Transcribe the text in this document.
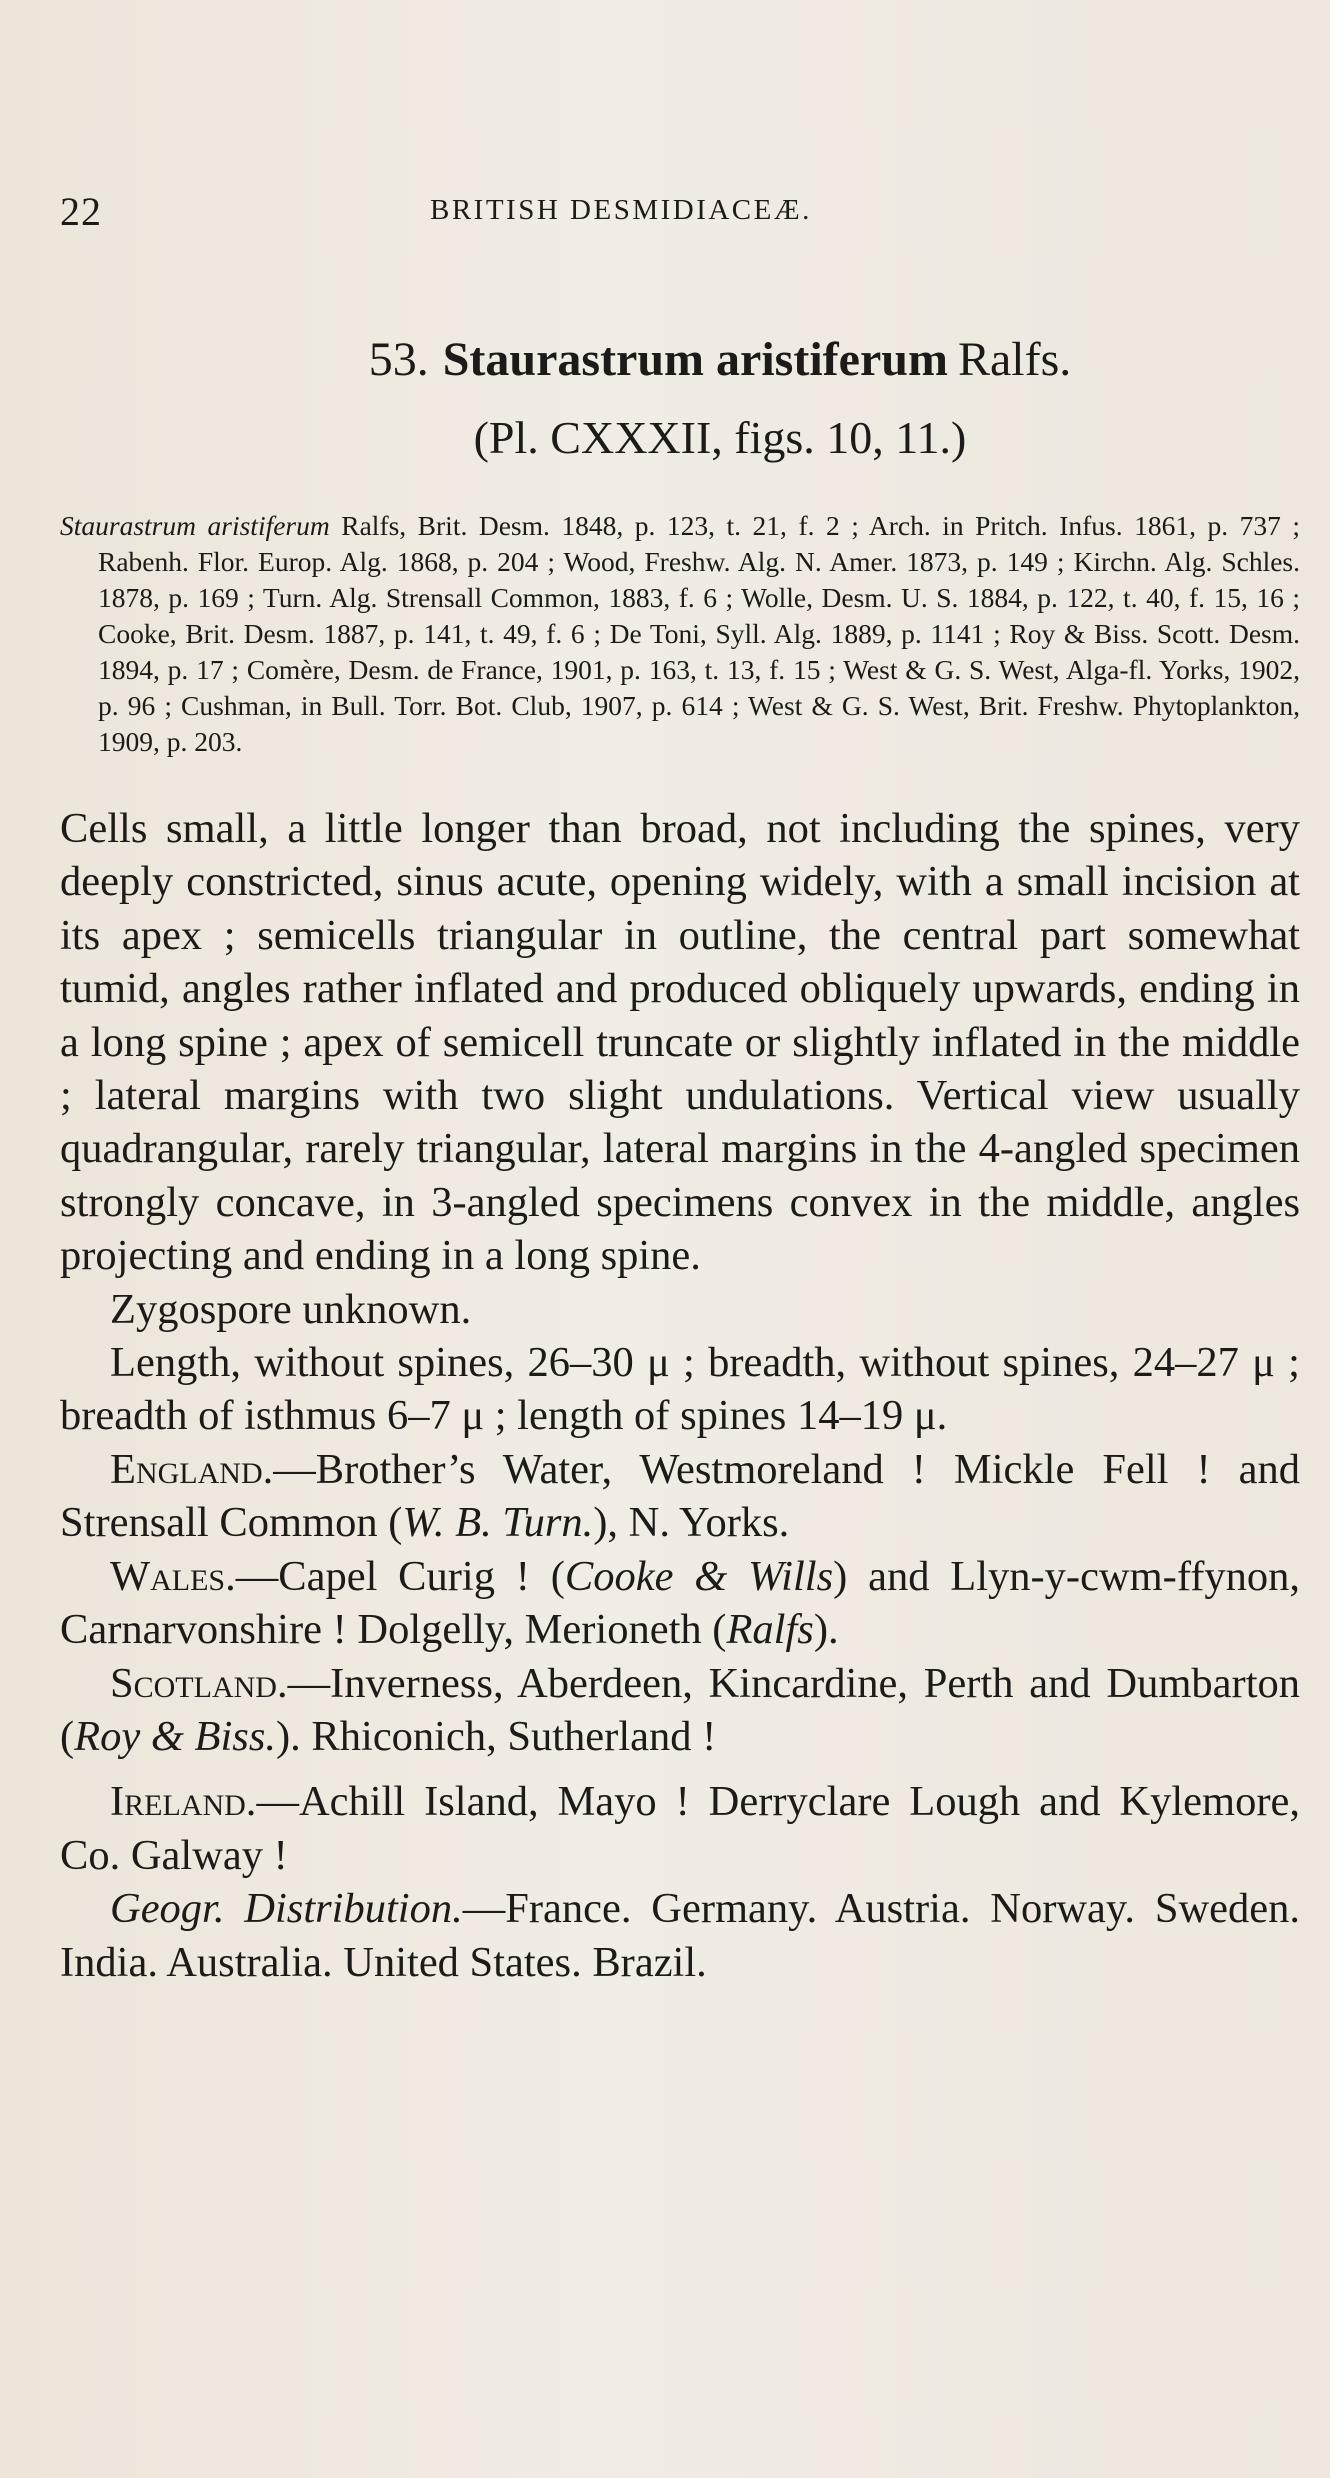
22	BRITISH DESMIDIACEÆ.
53. Staurastrum aristiferum Ralfs.
(Pl. CXXXII, figs. 10, 11.)

Staurastrum aristiferum Ralfs, Brit. Desm. 1848, p. 123, t. 21, f. 2 ; Arch. in Pritch. Infus. 1861, p. 737 ; Rabenh. Flor. Europ. Alg. 1868, p. 204 ; Wood, Freshw. Alg. N. Amer. 1873, p. 149 ; Kirchn. Alg. Schles. 1878, p. 169 ; Turn. Alg. Strensall Common, 1883, f. 6 ; Wolle, Desm. U. S. 1884, p. 122, t. 40, f. 15, 16 ; Cooke, Brit. Desm. 1887, p. 141, t. 49, f. 6 ; De Toni, Syll. Alg. 1889, p. 1141 ; Roy & Biss. Scott. Desm. 1894, p. 17 ; Comère, Desm. de France, 1901, p. 163, t. 13, f. 15 ; West & G. S. West, Alga-fl. Yorks, 1902, p. 96 ; Cushman, in Bull. Torr. Bot. Club, 1907, p. 614 ; West & G. S. West, Brit. Freshw. Phytoplankton, 1909, p. 203.

Cells small, a little longer than broad, not including the spines, very deeply constricted, sinus acute, opening widely, with a small incision at its apex ; semicells triangular in outline, the central part somewhat tumid, angles rather inflated and produced obliquely upwards, ending in a long spine ; apex of semicell truncate or slightly inflated in the middle ; lateral margins with two slight undulations. Vertical view usually quadrangular, rarely triangular, lateral margins in the 4-angled specimen strongly concave, in 3-angled specimens convex in the middle, angles projecting and ending in a long spine.

Zygospore unknown.

Length, without spines, 26–30 μ ; breadth, without spines, 24–27 μ ; breadth of isthmus 6–7 μ ; length of spines 14–19 μ.

England.—Brother’s Water, Westmoreland ! Mickle Fell ! and Strensall Common (W. B. Turn.), N. Yorks.

Wales.—Capel Curig ! (Cooke & Wills) and Llyn-y-cwm-ffynon, Carnarvonshire ! Dolgelly, Merioneth (Ralfs).

Scotland.—Inverness, Aberdeen, Kincardine, Perth and Dumbarton (Roy & Biss.). Rhiconich, Sutherland !

Ireland.—Achill Island, Mayo ! Derryclare Lough and Kylemore, Co. Galway !

Geogr. Distribution.—France. Germany. Austria. Norway. Sweden. India. Australia. United States. Brazil.
